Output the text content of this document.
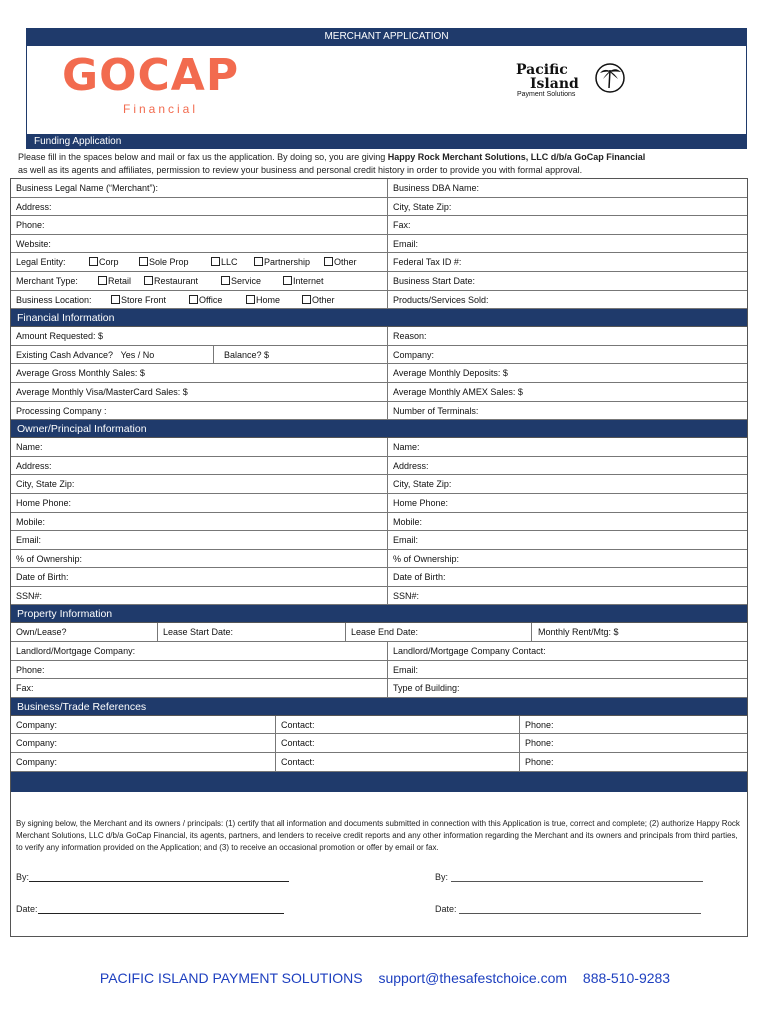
MERCHANT APPLICATION
GOCAP
Financial
Pacific
Island
Payment Solutions
Funding Application
Please fill in the spaces below and mail or fax us the application. By doing so, you are giving Happy Rock Merchant Solutions, LLC d/b/a GoCap Financial
as well as its agents and affiliates, permission to review your business and personal credit history in order to provide you with formal approval.
Business Legal Name (“Merchant”):	Business DBA Name:
Address:	City, State Zip:
Phone:	Fax:
Website:	Email:
Legal Entity:	Corp	Sole Prop	LLC	Partnership	Other	Federal Tax ID #:
Merchant Type:	Retail	Restaurant	Service	Internet	Business Start Date:
Business Location:	Store Front	Office	Home	Other	Products/Services Sold:
Financial Information
Amount Requested: $	Reason:
Existing Cash Advance? Yes / No	Balance? $	Company:
Average Gross Monthly Sales: $	Average Monthly Deposits: $
Average Monthly Visa/MasterCard Sales: $	Average Monthly AMEX Sales: $
Processing Company :	Number of Terminals:
Owner/Principal Information
Name:	Name:
Address:	Address:
City, State Zip:	City, State Zip:
Home Phone:	Home Phone:
Mobile:	Mobile:
Email:	Email:
% of Ownership:	% of Ownership:
Date of Birth:	Date of Birth:
SSN#:	SSN#:
Property Information
Own/Lease?	Lease Start Date:	Lease End Date:	Monthly Rent/Mtg: $
Landlord/Mortgage Company:	Landlord/Mortgage Company Contact:
Phone:	Email:
Fax:	Type of Building:
Business/Trade References
Company:	Contact:	Phone:
Company:	Contact:	Phone:
Company:	Contact:	Phone:
By signing below, the Merchant and its owners / principals: (1) certify that all information and documents submitted in connection with this Application is true, correct and complete; (2) authorize Happy Rock Merchant Solutions, LLC d/b/a GoCap Financial, its agents, partners, and lenders to receive credit reports and any other information regarding the Merchant and its owners and principals from third parties, to verify any information provided on the Application; and (3) to receive an occasional promotion or offer by email or fax.
By:	By:
Date:	Date:
PACIFIC ISLAND PAYMENT SOLUTIONS support@thesafestchoice.com 888-510-9283
